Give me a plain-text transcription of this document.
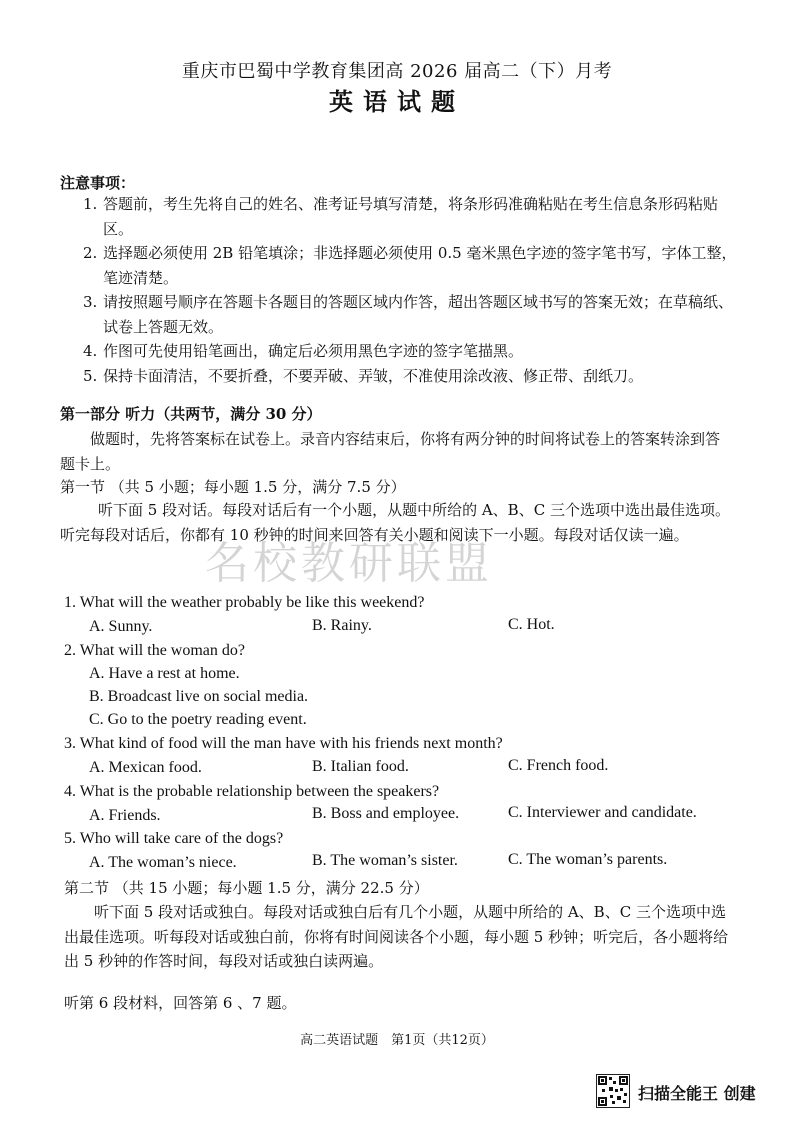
重庆市巴蜀中学教育集团高 2026 届高二（下）月考
英语试题
注意事项：
1. 答题前，考生先将自己的姓名、准考证号填写清楚，将条形码准确粘贴在考生信息条形码粘贴区。
2. 选择题必须使用 2B 铅笔填涂；非选择题必须使用 0.5 毫米黑色字迹的签字笔书写，字体工整，笔迹清楚。
3. 请按照题号顺序在答题卡各题目的答题区域内作答，超出答题区域书写的答案无效；在草稿纸、试卷上答题无效。
4. 作图可先使用铅笔画出，确定后必须用黑色字迹的签字笔描黑。
5. 保持卡面清洁，不要折叠，不要弄破、弄皱，不准使用涂改液、修正带、刮纸刀。
第一部分 听力（共两节，满分 30 分）
做题时，先将答案标在试卷上。录音内容结束后，你将有两分钟的时间将试卷上的答案转涂到答题卡上。
第一节 （共 5 小题；每小题 1.5 分，满分 7.5 分）
听下面 5 段对话。每段对话后有一个小题，从题中所给的 A、B、C 三个选项中选出最佳选项。听完每段对话后，你都有 10 秒钟的时间来回答有关小题和阅读下一小题。每段对话仅读一遍。
名校教研联盟
1. What will the weather probably be like this weekend?
A. Sunny.	B. Rainy.	C. Hot.
2. What will the woman do?
A. Have a rest at home.
B. Broadcast live on social media.
C. Go to the poetry reading event.
3. What kind of food will the man have with his friends next month?
A. Mexican food.	B. Italian food.	C. French food.
4. What is the probable relationship between the speakers?
A. Friends.	B. Boss and employee.	C. Interviewer and candidate.
5. Who will take care of the dogs?
A. The woman’s niece.	B. The woman’s sister.	C. The woman’s parents.
第二节 （共 15 小题；每小题 1.5 分，满分 22.5 分）
听下面 5 段对话或独白。每段对话或独白后有几个小题，从题中所给的 A、B、C 三个选项中选出最佳选项。听每段对话或独白前，你将有时间阅读各个小题，每小题 5 秒钟；听完后，各小题将给出 5 秒钟的作答时间，每段对话或独白读两遍。
听第 6 段材料，回答第 6 、7 题。
高二英语试题　第1页（共12页）
扫描全能王 创建
